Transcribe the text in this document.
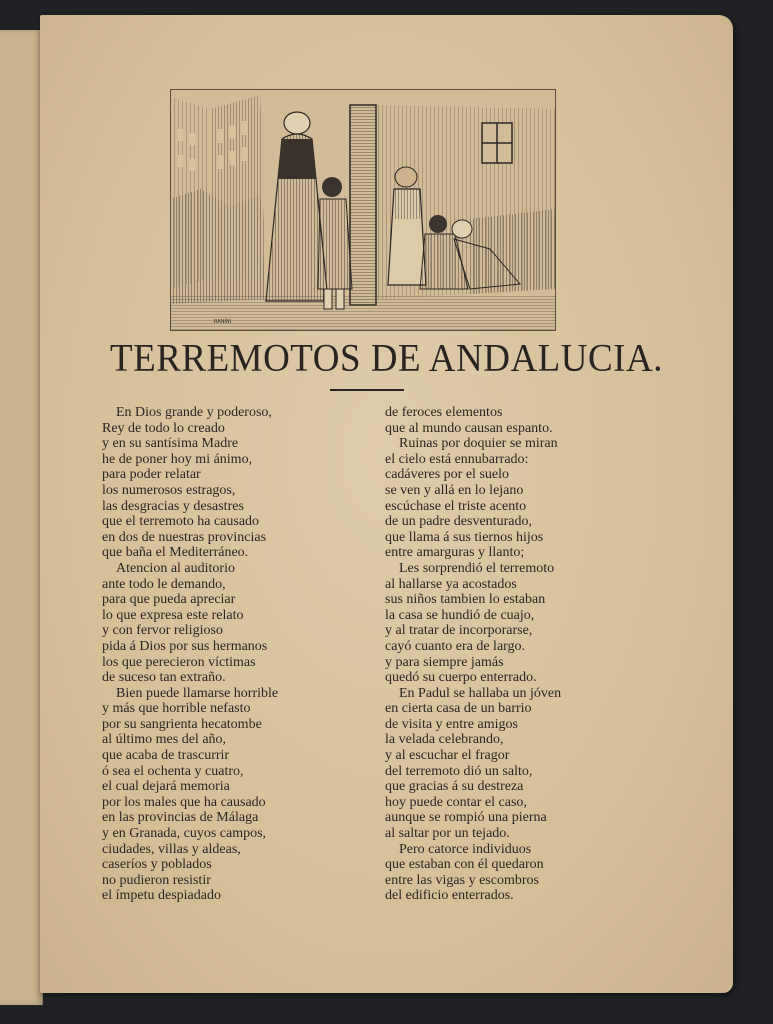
RANINI
TERREMOTOS DE ANDALUCIA.
En Dios grande y poderoso,
Rey de todo lo creado
y en su santísima Madre
he de poner hoy mi ánimo,
para poder relatar
los numerosos estragos,
las desgracias y desastres
que el terremoto ha causado
en dos de nuestras provincias
que baña el Mediterráneo.
Atencion al auditorio
ante todo le demando,
para que pueda apreciar
lo que expresa este relato
y con fervor religioso
pida á Dios por sus hermanos
los que perecieron víctimas
de suceso tan extraño.
Bien puede llamarse horrible
y más que horrible nefasto
por su sangrienta hecatombe
al último mes del año,
que acaba de trascurrir
ó sea el ochenta y cuatro,
el cual dejará memoria
por los males que ha causado
en las provincias de Málaga
y en Granada, cuyos campos,
ciudades, villas y aldeas,
caseríos y poblados
no pudieron resistir
el ímpetu despiadado
de feroces elementos
que al mundo causan espanto.
Ruinas por doquier se miran
el cielo está ennubarrado:
cadáveres por el suelo
se ven y allá en lo lejano
escúchase el triste acento
de un padre desventurado,
que llama á sus tiernos hijos
entre amarguras y llanto;
Les sorprendió el terremoto
al hallarse ya acostados
sus niños tambien lo estaban
la casa se hundió de cuajo,
y al tratar de incorporarse,
cayó cuanto era de largo.
y para siempre jamás
quedó su cuerpo enterrado.
En Padul se hallaba un jóven
en cierta casa de un barrio
de visita y entre amigos
la velada celebrando,
y al escuchar el fragor
del terremoto dió un salto,
que gracias á su destreza
hoy puede contar el caso,
aunque se rompió una pierna
al saltar por un tejado.
Pero catorce individuos
que estaban con él quedaron
entre las vigas y escombros
del edificio enterrados.
